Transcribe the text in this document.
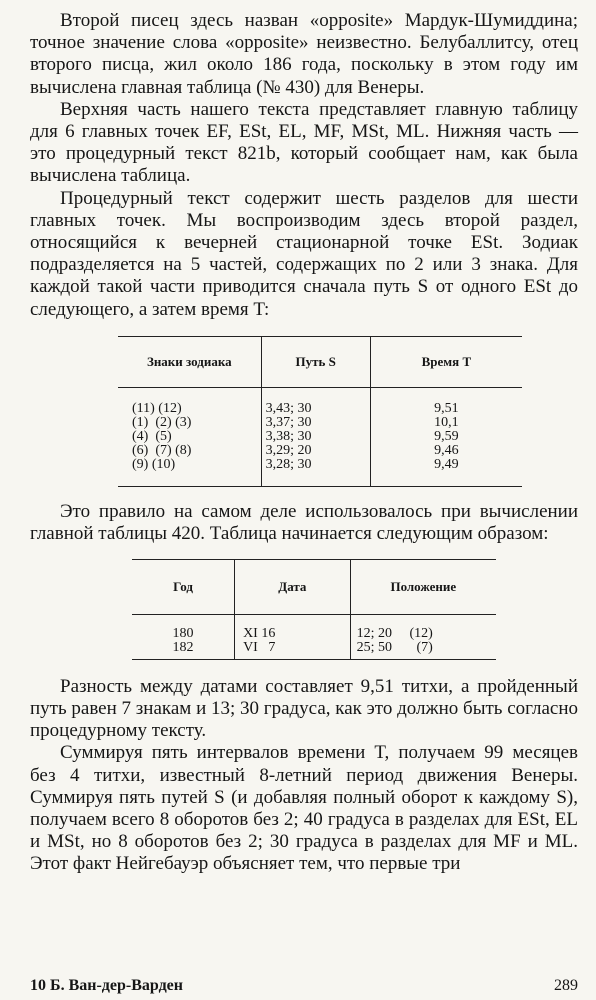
Второй писец здесь назван «opposite» Мардук-Шумиддина; точное значение слова «opposite» неизвестно. Белубаллитсу, отец второго писца, жил около 186 года, поскольку в этом году им вычислена главная таблица (№ 430) для Венеры.

Верхняя часть нашего текста представляет главную таблицу для 6 главных точек EF, ESt, EL, MF, MSt, ML. Нижняя часть — это процедурный текст 821b, который сообщает нам, как была вычислена таблица.

Процедурный текст содержит шесть разделов для шести главных точек. Мы воспроизводим здесь второй раздел, относящийся к вечерней стационарной точке ESt. Зодиак подразделяется на 5 частей, содержащих по 2 или 3 знака. Для каждой такой части приводится сначала путь S от одного ESt до следующего, а затем время T:

Знаки зодиака	Путь S	Время T

(11) (12)	3,43; 30	9,51
(1)  (2) (3)	3,37; 30	10,1
(4)  (5)	3,38; 30	9,59
(6)  (7) (8)	3,29; 20	9,46
(9) (10)	3,28; 30	9,49

Это правило на самом деле использовалось при вычислении главной таблицы 420. Таблица начинается следующим образом:

Год	Дата	Положение

180	XI 16	12; 20     (12)
182	VI   7	25; 50       (7)

Разность между датами составляет 9,51 титхи, а пройденный путь равен 7 знакам и 13; 30 градуса, как это должно быть согласно процедурному тексту.

Суммируя пять интервалов времени T, получаем 99 месяцев без 4 титхи, известный 8-летний период движения Венеры. Суммируя пять путей S (и добавляя полный оборот к каждому S), получаем всего 8 оборотов без 2; 40 градуса в разделах для ESt, EL и MSt, но 8 оборотов без 2; 30 градуса в разделах для MF и ML. Этот факт Нейгебауэр объясняет тем, что первые три

10 Б. Ван-дер-Варден	289
